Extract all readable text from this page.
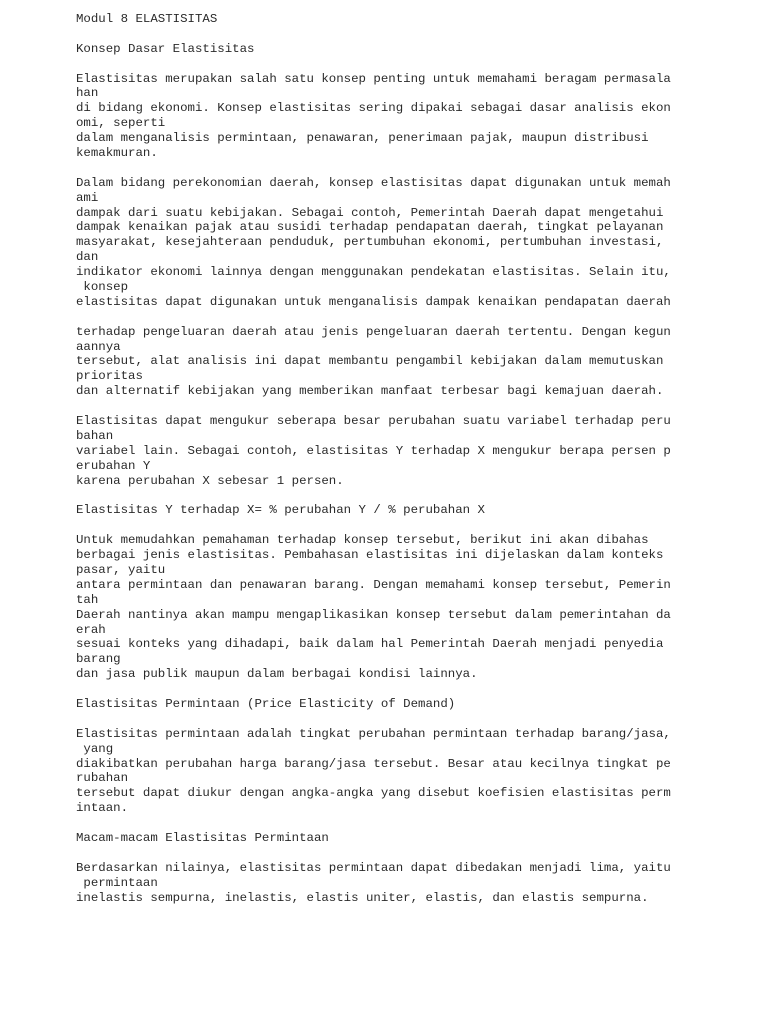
Modul 8 ELASTISITAS
Konsep Dasar Elastisitas
Elastisitas merupakan salah satu konsep penting untuk memahami beragam permasala
han
di bidang ekonomi. Konsep elastisitas sering dipakai sebagai dasar analisis ekon
omi, seperti
dalam menganalisis permintaan, penawaran, penerimaan pajak, maupun distribusi
kemakmuran.
Dalam bidang perekonomian daerah, konsep elastisitas dapat digunakan untuk memah
ami
dampak dari suatu kebijakan. Sebagai contoh, Pemerintah Daerah dapat mengetahui
dampak kenaikan pajak atau susidi terhadap pendapatan daerah, tingkat pelayanan
masyarakat, kesejahteraan penduduk, pertumbuhan ekonomi, pertumbuhan investasi,
dan
indikator ekonomi lainnya dengan menggunakan pendekatan elastisitas. Selain itu,
konsep
elastisitas dapat digunakan untuk menganalisis dampak kenaikan pendapatan daerah
terhadap pengeluaran daerah atau jenis pengeluaran daerah tertentu. Dengan kegun
aannya
tersebut, alat analisis ini dapat membantu pengambil kebijakan dalam memutuskan
prioritas
dan alternatif kebijakan yang memberikan manfaat terbesar bagi kemajuan daerah.
Elastisitas dapat mengukur seberapa besar perubahan suatu variabel terhadap peru
bahan
variabel lain. Sebagai contoh, elastisitas Y terhadap X mengukur berapa persen p
erubahan Y
karena perubahan X sebesar 1 persen.
Elastisitas Y terhadap X= % perubahan Y / % perubahan X
Untuk memudahkan pemahaman terhadap konsep tersebut, berikut ini akan dibahas
berbagai jenis elastisitas. Pembahasan elastisitas ini dijelaskan dalam konteks
pasar, yaitu
antara permintaan dan penawaran barang. Dengan memahami konsep tersebut, Pemerin
tah
Daerah nantinya akan mampu mengaplikasikan konsep tersebut dalam pemerintahan da
erah
sesuai konteks yang dihadapi, baik dalam hal Pemerintah Daerah menjadi penyedia
barang
dan jasa publik maupun dalam berbagai kondisi lainnya.
Elastisitas Permintaan (Price Elasticity of Demand)
Elastisitas permintaan adalah tingkat perubahan permintaan terhadap barang/jasa,
yang
diakibatkan perubahan harga barang/jasa tersebut. Besar atau kecilnya tingkat pe
rubahan
tersebut dapat diukur dengan angka-angka yang disebut koefisien elastisitas perm
intaan.
Macam-macam Elastisitas Permintaan
Berdasarkan nilainya, elastisitas permintaan dapat dibedakan menjadi lima, yaitu
permintaan
inelastis sempurna, inelastis, elastis uniter, elastis, dan elastis sempurna.
